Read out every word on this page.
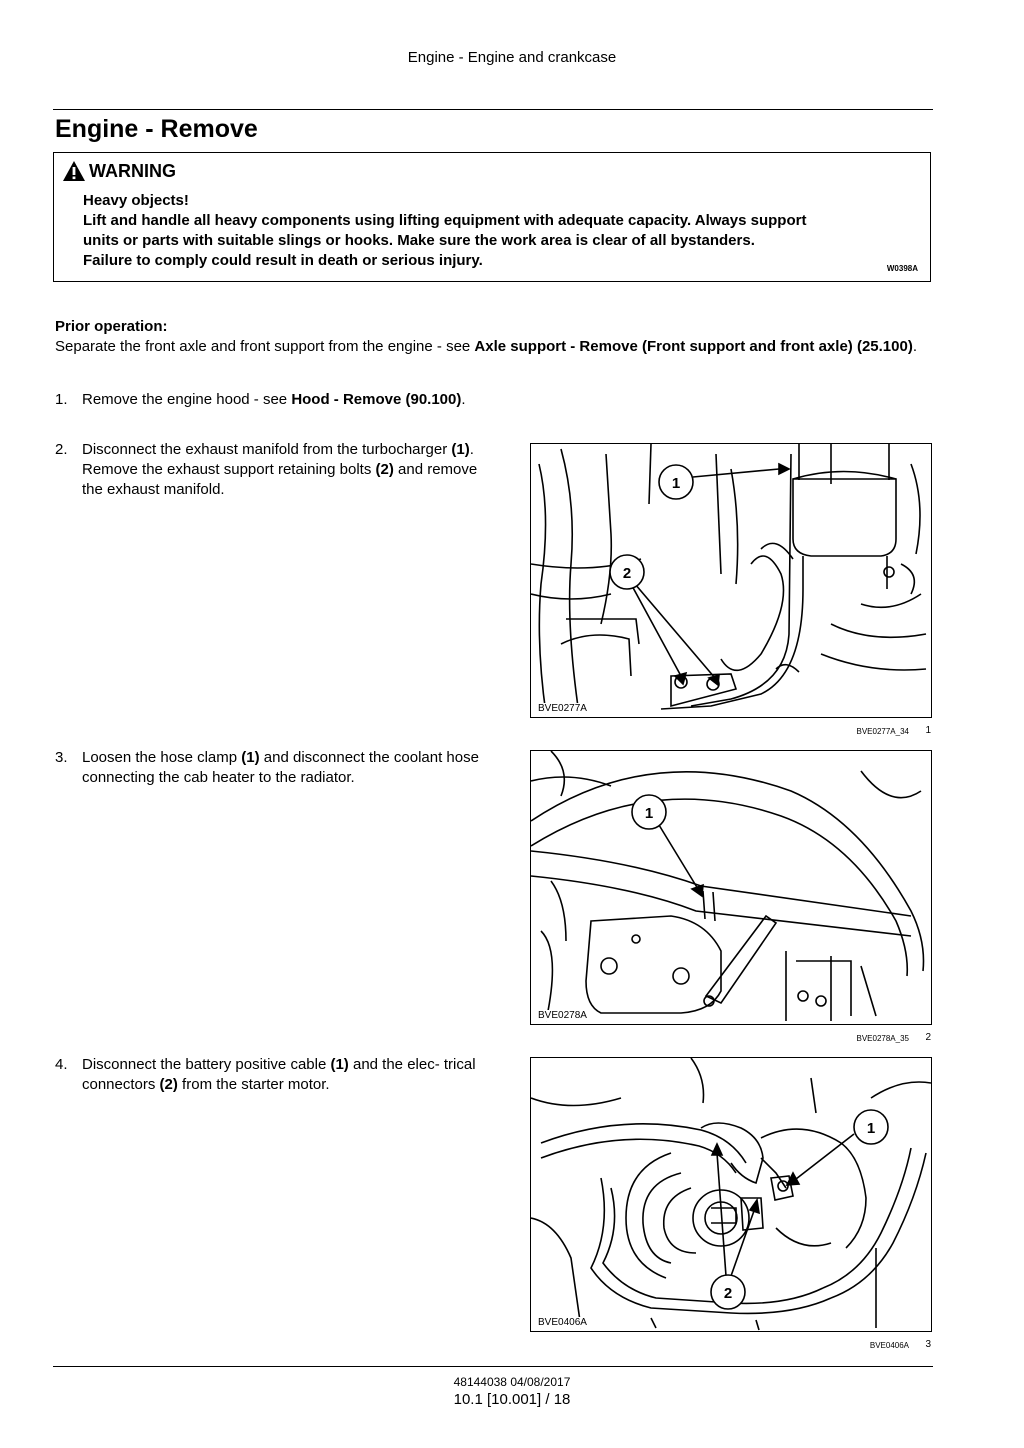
Engine - Engine and crankcase
Engine - Remove
WARNING
Heavy objects!
Lift and handle all heavy components using lifting equipment with adequate capacity. Always support
units or parts with suitable slings or hooks. Make sure the work area is clear of all bystanders.
Failure to comply could result in death or serious injury.	W0398A
Prior operation:
Separate the front axle and front support from the engine - see Axle support - Remove (Front support and front axle) (25.100).
1. Remove the engine hood - see Hood - Remove (90.100).
2. Disconnect the exhaust manifold from the turbocharger (1). Remove the exhaust support retaining bolts (2) and remove the exhaust manifold.	1
2
BVE0277A
BVE0277A_34 1
3. Loosen the hose clamp (1) and disconnect the coolant hose connecting the cab heater to the radiator.
1
BVE0278A
BVE0278A_35 2
4. Disconnect the battery positive cable (1) and the elec- trical connectors (2) from the starter motor.
1
2
BVE0406A
BVE0406A 3
48144038 04/08/2017
10.1 [10.001] / 18
